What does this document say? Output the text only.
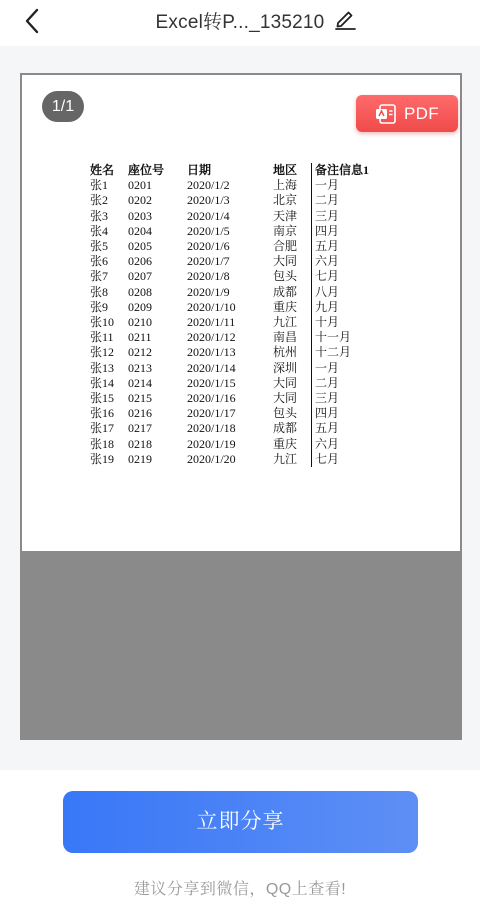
Excel转P..._135210
1/1	PDF
姓名	座位号	日期	地区	备注信息1
张1	0201	2020/1/2	上海	一月
张2	0202	2020/1/3	北京	二月
张3	0203	2020/1/4	天津	三月
张4	0204	2020/1/5	南京	四月
张5	0205	2020/1/6	合肥	五月
张6	0206	2020/1/7	大同	六月
张7	0207	2020/1/8	包头	七月
张8	0208	2020/1/9	成都	八月
张9	0209	2020/1/10	重庆	九月
张10	0210	2020/1/11	九江	十月
张11	0211	2020/1/12	南昌	十一月
张12	0212	2020/1/13	杭州	十二月
张13	0213	2020/1/14	深圳	一月
张14	0214	2020/1/15	大同	二月
张15	0215	2020/1/16	大同	三月
张16	0216	2020/1/17	包头	四月
张17	0217	2020/1/18	成都	五月
张18	0218	2020/1/19	重庆	六月
张19	0219	2020/1/20	九江	七月
立即分享
建议分享到微信，QQ上查看!
